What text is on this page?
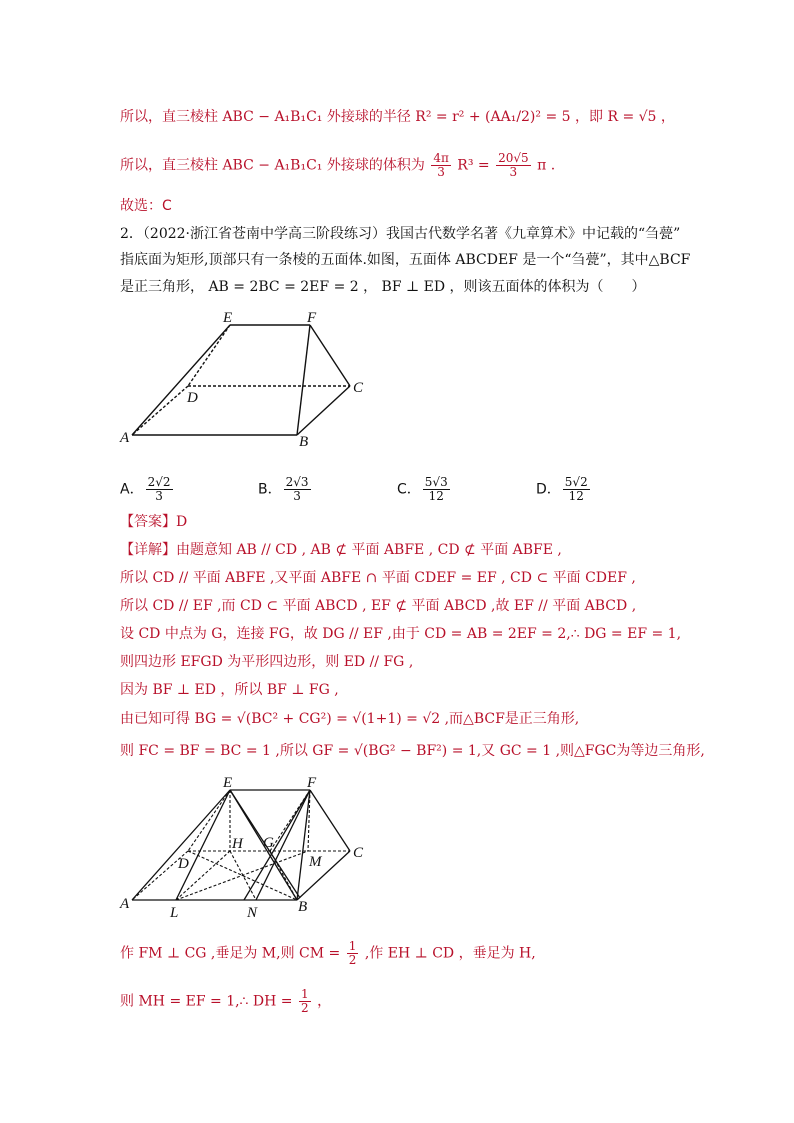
所以，直三棱柱 ABC − A₁B₁C₁ 外接球的半径 R² = r² + (AA₁/2)² = 5 ，即 R = √5 ，
所以，直三棱柱 ABC − A₁B₁C₁ 外接球的体积为 $\frac{4\pi}{3} R^3 = \frac{20√5}{3}$ π .
故选：C
2．（2022·浙江省苍南中学高三阶段练习）我国古代数学名著《九章算术》中记载的“刍甍”
指底面为矩形,顶部只有一条棱的五面体.如图，五面体 ABCDEF 是一个“刍甍”，其中△BCF
是正三角形， AB = 2BC = 2EF = 2 ， BF ⊥ ED ，则该五面体的体积为（　　）
E	F
C
D
A	B
A． $\frac{2√2}{3}$	B． $\frac{2√3}{3}$	C． $\frac{5√3}{12}$	D． $\frac{5√2}{12}$
【答案】D
【详解】由题意知 AB // CD , AB ⊄ 平面 ABFE , CD ⊄ 平面 ABFE ,
所以 CD // 平面 ABFE ,又平面 ABFE ∩ 平面 CDEF = EF , CD ⊂ 平面 CDEF ,
所以 CD // EF ,而 CD ⊂ 平面 ABCD , EF ⊄ 平面 ABCD ,故 EF // 平面 ABCD ,
设 CD 中点为 G，连接 FG，故 DG // EF ,由于 CD = AB = 2EF = 2,∴ DG = EF = 1,
则四边形 EFGD 为平形四边形，则 ED // FG ,
因为 BF ⊥ ED ，所以 BF ⊥ FG ,
由已知可得 BG = √(BC² + CG²) = √(1+1) = √2 ,而△BCF是正三角形,
则 FC = BF = BC = 1 ,所以 GF = √(BG² − BF²) = 1,又 GC = 1 ,则△FGC为等边三角形,
E	F
H G
C
D	M
A
L	N	B
作 FM ⊥ CG ,垂足为 M,则 CM = $\frac{1}{2}$ ,作 EH ⊥ CD ，垂足为 H,
则 MH = EF = 1,∴ DH = $\frac{1}{2}$ ，
